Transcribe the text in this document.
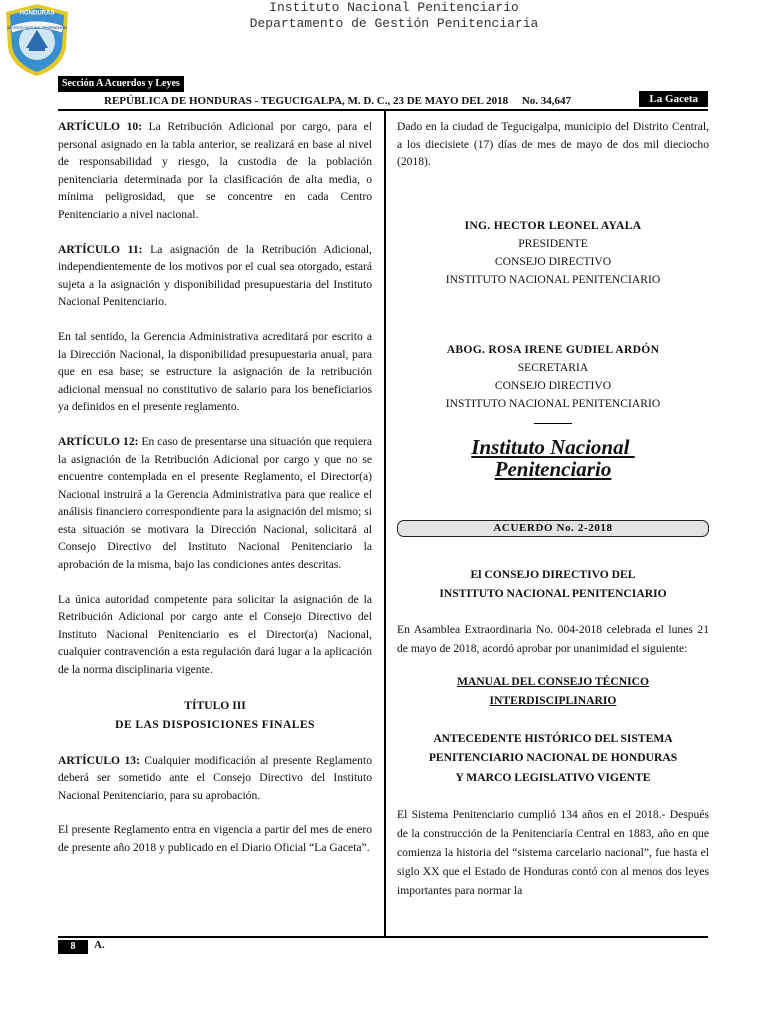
Instituto Nacional Penitenciario
Departamento de Gestión Penitenciaria
HONDURAS
INSTITUTO NACIONAL PENITENCIARIO
Sección A Acuerdos y Leyes
REPÚBLICA DE HONDURAS - TEGUCIGALPA, M. D. C., 23 DE MAYO DEL 2018     No. 34,647	La Gaceta

ARTÍCULO 10: La Retribución Adicional por cargo, para el personal asignado en la tabla anterior, se realizará en base al nivel de responsabilidad y riesgo, la custodia de la población penitenciaria determinada por la clasificación de alta media, o mínima peligrosidad, que se concentre en cada Centro Penitenciario a nivel nacional.

ARTÍCULO 11: La asignación de la Retribución Adicional, independientemente de los motivos por el cual sea otorgado, estará sujeta a la asignación y disponibilidad presupuestaria del Instituto Nacional Penitenciario.

En tal sentido, la Gerencia Administrativa acreditará por escrito a la Dirección Nacional, la disponibilidad presupuestaria anual, para que en esa base; se estructure la asignación de la retribución adicional mensual no constitutivo de salario para los beneficiarios ya definidos en el presente reglamento.

ARTÍCULO 12: En caso de presentarse una situación que requiera la asignación de la Retribución Adicional por cargo y que no se encuentre contemplada en el presente Reglamento, el Director(a) Nacional instruirá a la Gerencia Administrativa para que realice el análisis financiero correspondiente para la asignación del mismo; si esta situación se motivara la Dirección Nacional, solicitará al Consejo Directivo del Instituto Nacional Penitenciario la aprobación de la misma, bajo las condiciones antes descritas.

La única autoridad competente para solicitar la asignación de la Retribución Adicional por cargo ante el Consejo Directivo del Instituto Nacional Penitenciario es el Director(a) Nacional, cualquier contravención a esta regulación dará lugar a la aplicación de la norma disciplinaria vigente.

TÍTULO III
DE LAS DISPOSICIONES FINALES

ARTÍCULO 13: Cualquier modificación al presente Reglamento deberá ser sometido ante el Consejo Directivo del Instituto Nacional Penitenciario, para su aprobación.

El presente Reglamento entra en vigencia a partir del mes de enero de presente año 2018 y publicado en el Diario Oficial “La Gaceta”.

Dado en la ciudad de Tegucigalpa, municipio del Distrito Central, a los diecisiete (17) días de mes de mayo de dos mil dieciocho (2018).

ING. HECTOR LEONEL AYALA
PRESIDENTE
CONSEJO DIRECTIVO
INSTITUTO NACIONAL PENITENCIARIO
ABOG. ROSA IRENE GUDIEL ARDÓN
SECRETARIA
CONSEJO DIRECTIVO
INSTITUTO NACIONAL PENITENCIARIO
Instituto Nacional
Penitenciario
ACUERDO No. 2-2018
El CONSEJO DIRECTIVO DEL
INSTITUTO NACIONAL PENITENCIARIO

En Asamblea Extraordinaria No. 004-2018 celebrada el lunes 21 de mayo de 2018, acordó aprobar por unanimidad el siguiente:

MANUAL DEL CONSEJO TÉCNICO
INTERDISCIPLINARIO
ANTECEDENTE HISTÓRICO DEL SISTEMA
PENITENCIARIO NACIONAL DE HONDURAS
Y MARCO LEGISLATIVO VIGENTE

El Sistema Penitenciario cumplió 134 años en el 2018.- Después de la construcción de la Penitenciaría Central en 1883, año en que comienza la historia del “sistema carcelario nacional”, fue hasta el siglo XX que el Estado de Honduras contó con al menos dos leyes importantes para normar la

8	A.
